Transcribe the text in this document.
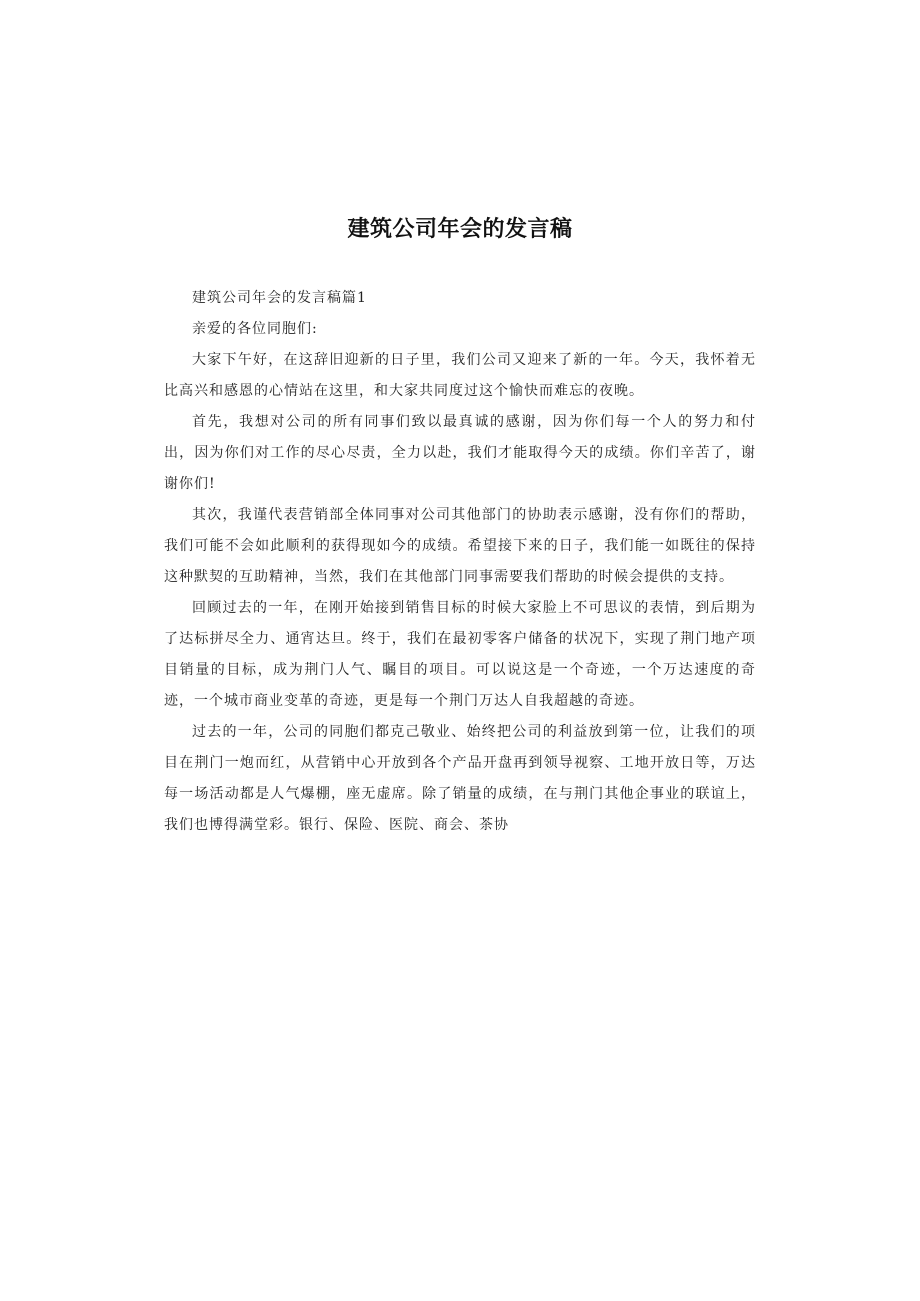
建筑公司年会的发言稿

建筑公司年会的发言稿篇1

亲爱的各位同胞们:

大家下午好，在这辞旧迎新的日子里，我们公司又迎来了新的一年。今天，我怀着无比高兴和感恩的心情站在这里，和大家共同度过这个愉快而难忘的夜晚。

首先，我想对公司的所有同事们致以最真诚的感谢，因为你们每一个人的努力和付出，因为你们对工作的尽心尽责，全力以赴，我们才能取得今天的成绩。你们辛苦了，谢谢你们!

其次，我谨代表营销部全体同事对公司其他部门的协助表示感谢，没有你们的帮助，我们可能不会如此顺利的获得现如今的成绩。希望接下来的日子，我们能一如既往的保持这种默契的互助精神，当然，我们在其他部门同事需要我们帮助的时候会提供的支持。

回顾过去的一年，在刚开始接到销售目标的时候大家脸上不可思议的表情，到后期为了达标拼尽全力、通宵达旦。终于，我们在最初零客户储备的状况下，实现了荆门地产项目销量的目标，成为荆门人气、瞩目的项目。可以说这是一个奇迹，一个万达速度的奇迹，一个城市商业变革的奇迹，更是每一个荆门万达人自我超越的奇迹。

过去的一年，公司的同胞们都克己敬业、始终把公司的利益放到第一位，让我们的项目在荆门一炮而红，从营销中心开放到各个产品开盘再到领导视察、工地开放日等，万达每一场活动都是人气爆棚，座无虚席。除了销量的成绩，在与荆门其他企事业的联谊上，我们也博得满堂彩。银行、保险、医院、商会、茶协
